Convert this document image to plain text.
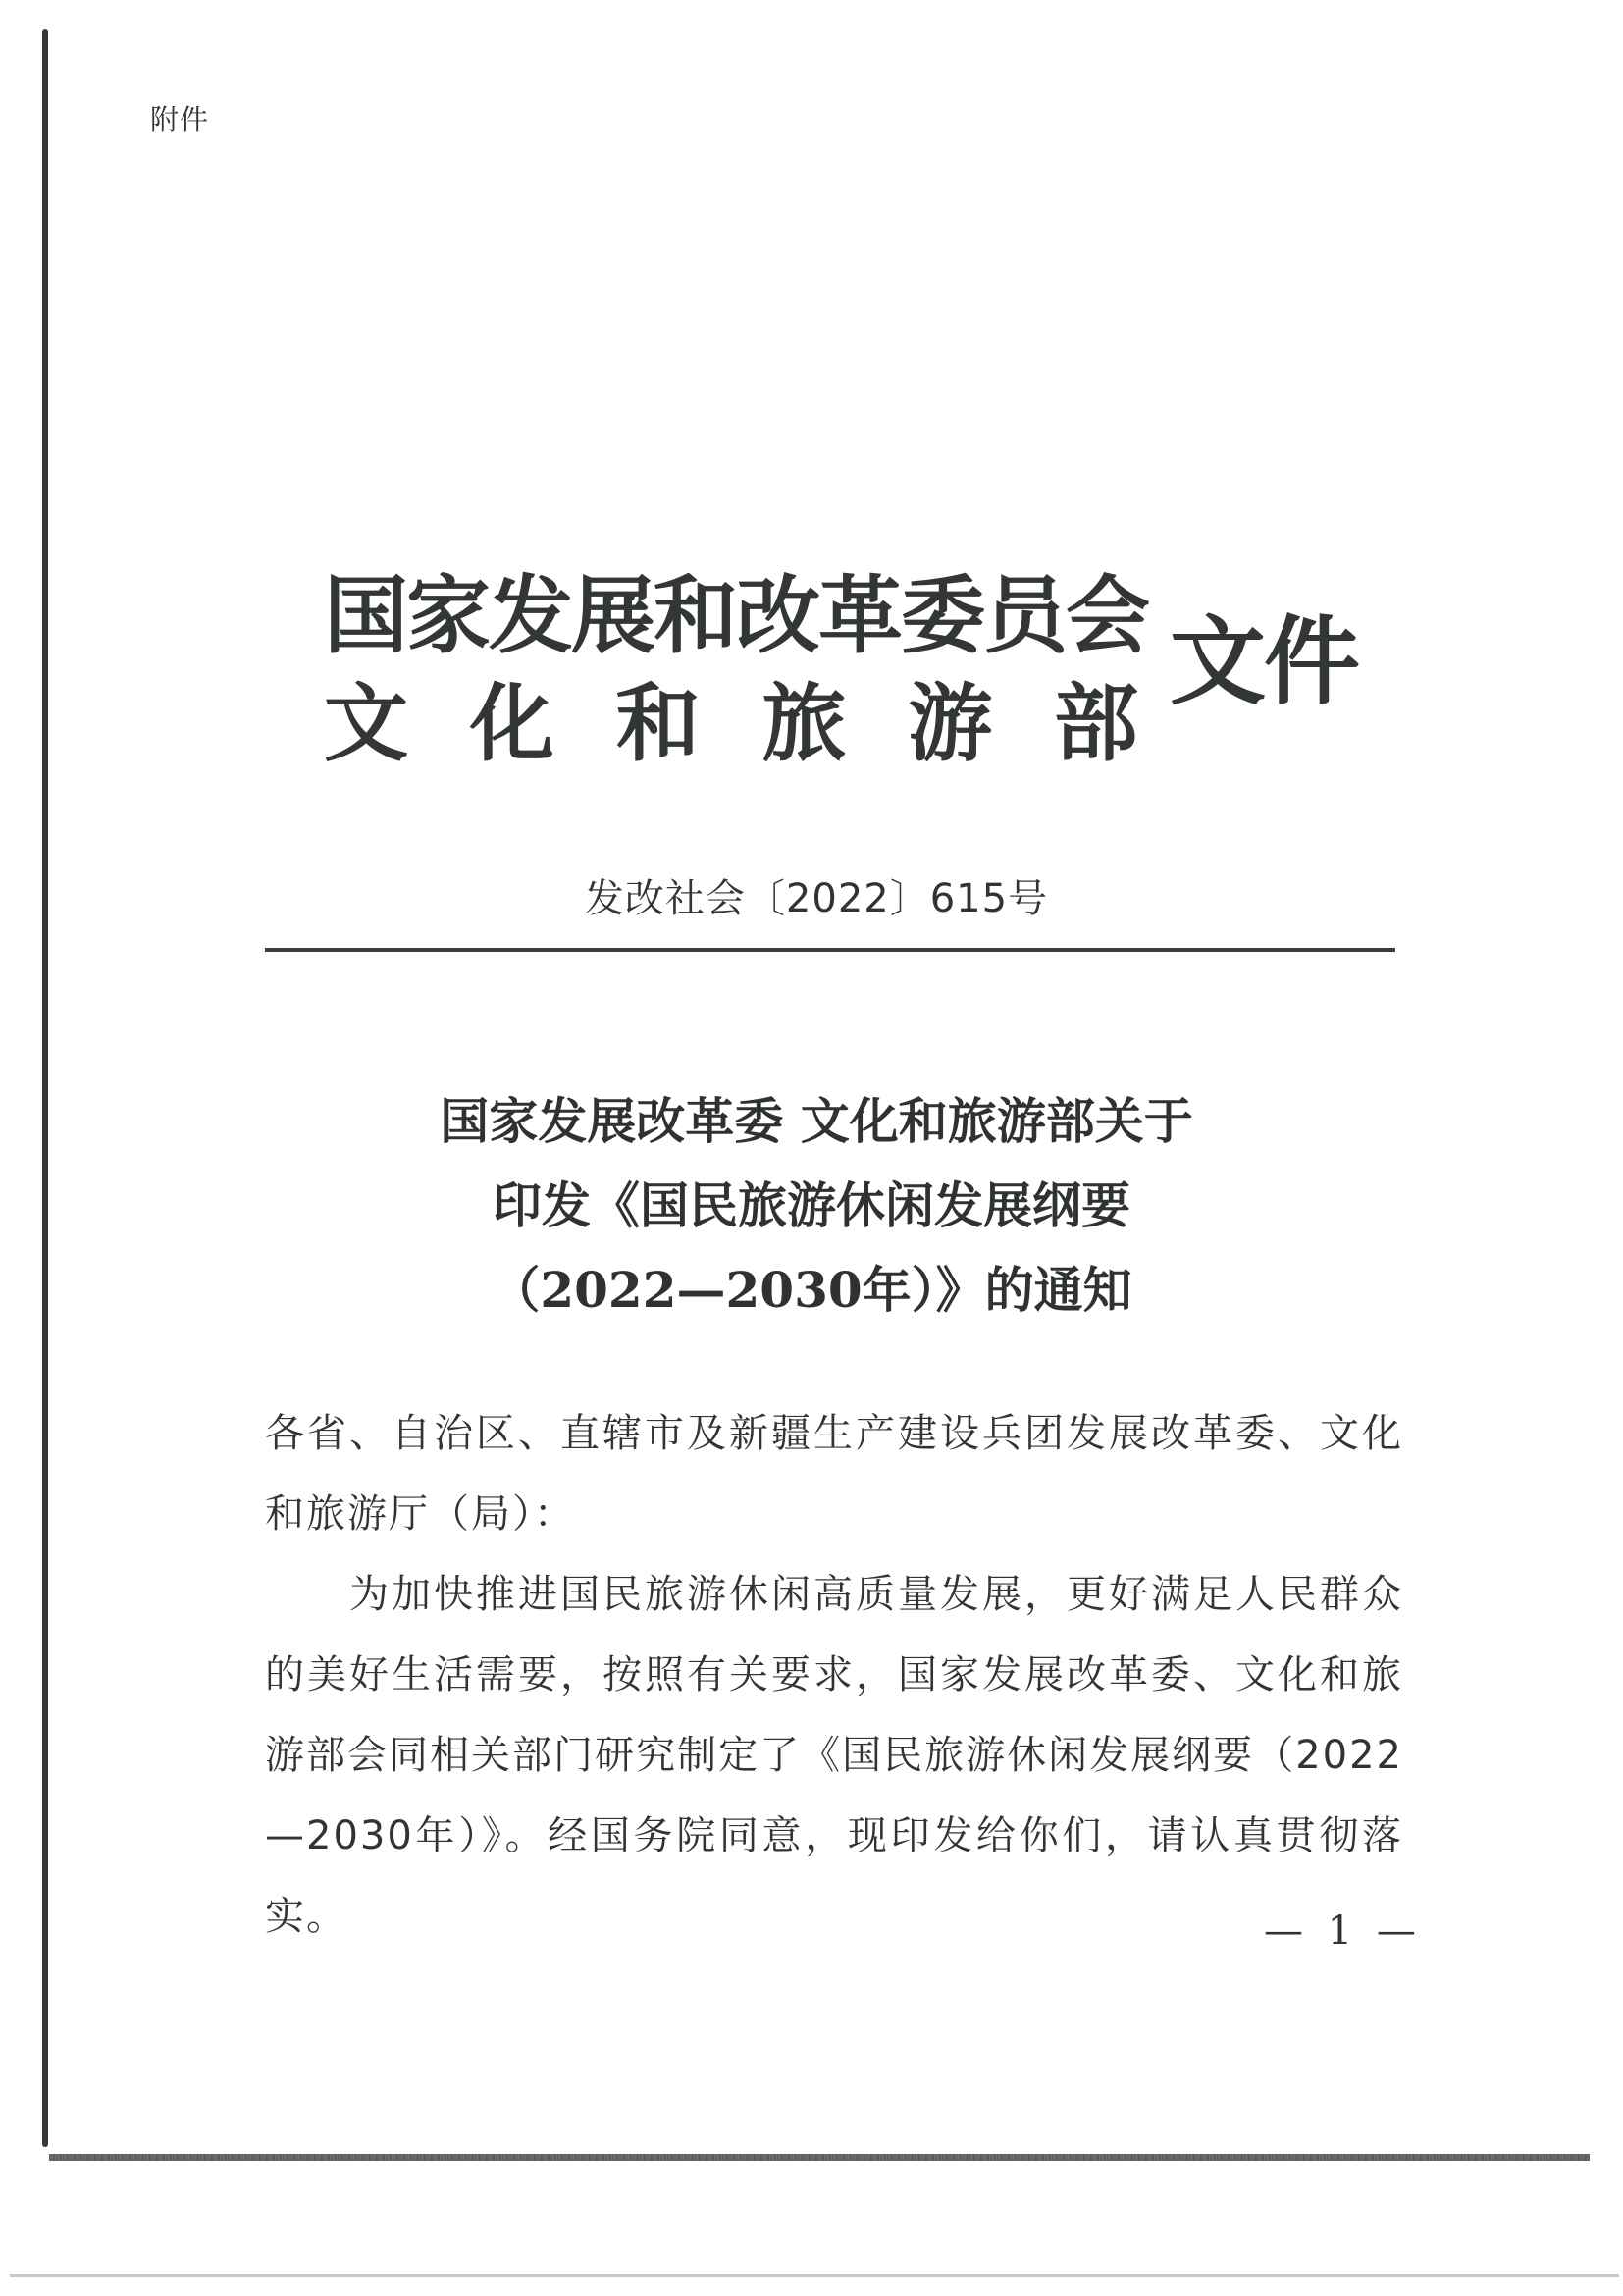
附件
国家发展和改革委员会
文 化 和 旅 游 部
文件
发改社会〔2022〕615号
国家发展改革委 文化和旅游部关于
印发《国民旅游休闲发展纲要
（2022—2030年）》的通知

各省、自治区、直辖市及新疆生产建设兵团发展改革委、文化和旅游厅（局）：

为加快推进国民旅游休闲高质量发展，更好满足人民群众的美好生活需要，按照有关要求，国家发展改革委、文化和旅游部会同相关部门研究制定了《国民旅游休闲发展纲要（2022—2030年）》。经国务院同意，现印发给你们，请认真贯彻落实。	— 1 —
